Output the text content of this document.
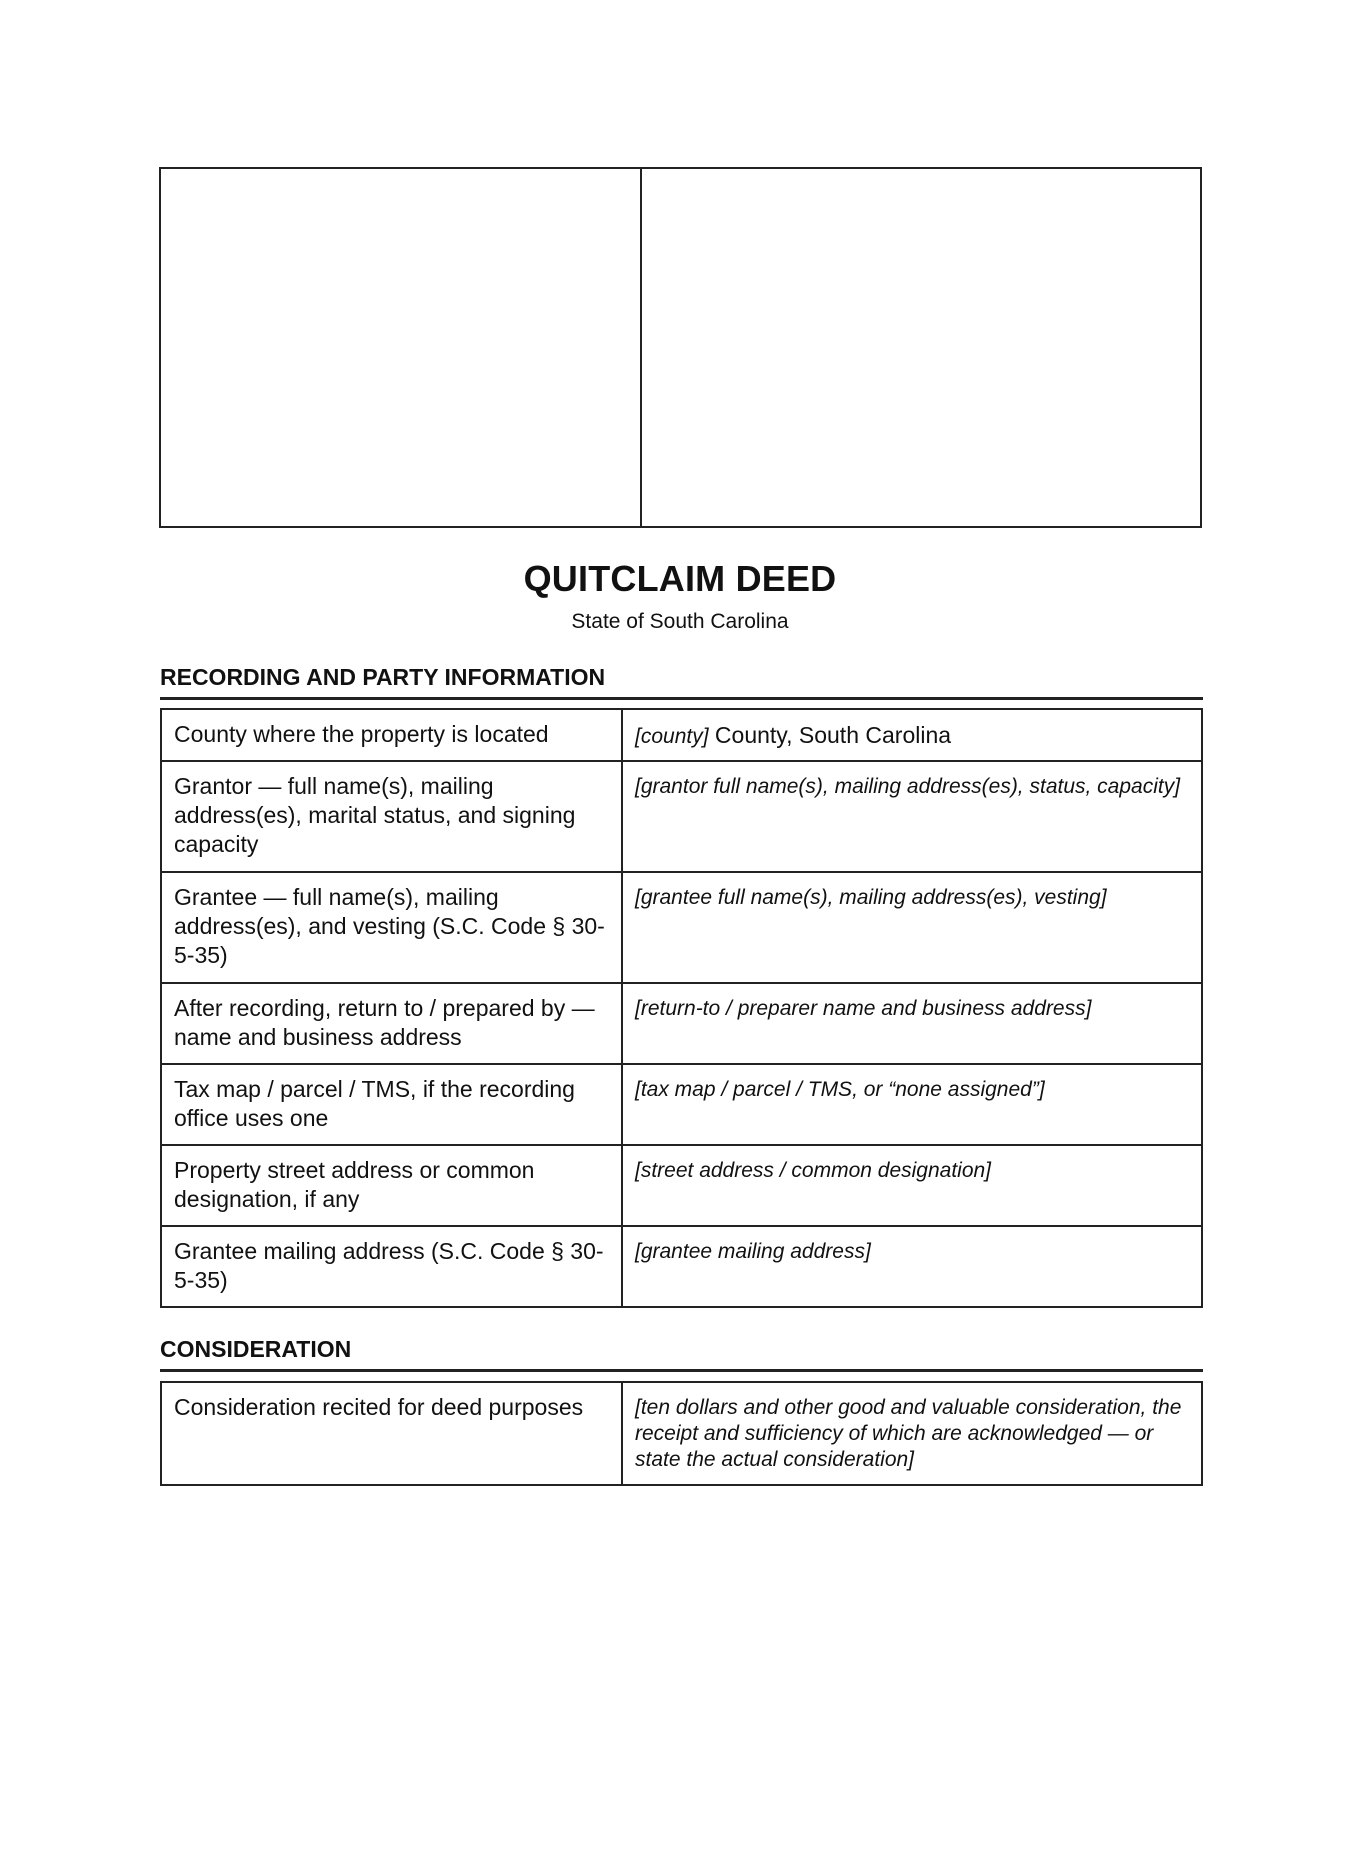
QUITCLAIM DEED
State of South Carolina
RECORDING AND PARTY INFORMATION
County where the property is located	[county] County, South Carolina
Grantor — full name(s), mailing address(es), marital status, and signing capacity	[grantor full name(s), mailing address(es), status, capacity]
Grantee — full name(s), mailing address(es), and vesting (S.C. Code § 30-5-35)	[grantee full name(s), mailing address(es), vesting]
After recording, return to / prepared by — name and business address	[return-to / preparer name and business address]
Tax map / parcel / TMS, if the recording office uses one	[tax map / parcel / TMS, or “none assigned”]
Property street address or common designation, if any	[street address / common designation]
Grantee mailing address (S.C. Code § 30-5-35)	[grantee mailing address]
CONSIDERATION
Consideration recited for deed purposes	[ten dollars and other good and valuable consideration, the receipt and sufficiency of which are acknowledged — or state the actual consideration]
